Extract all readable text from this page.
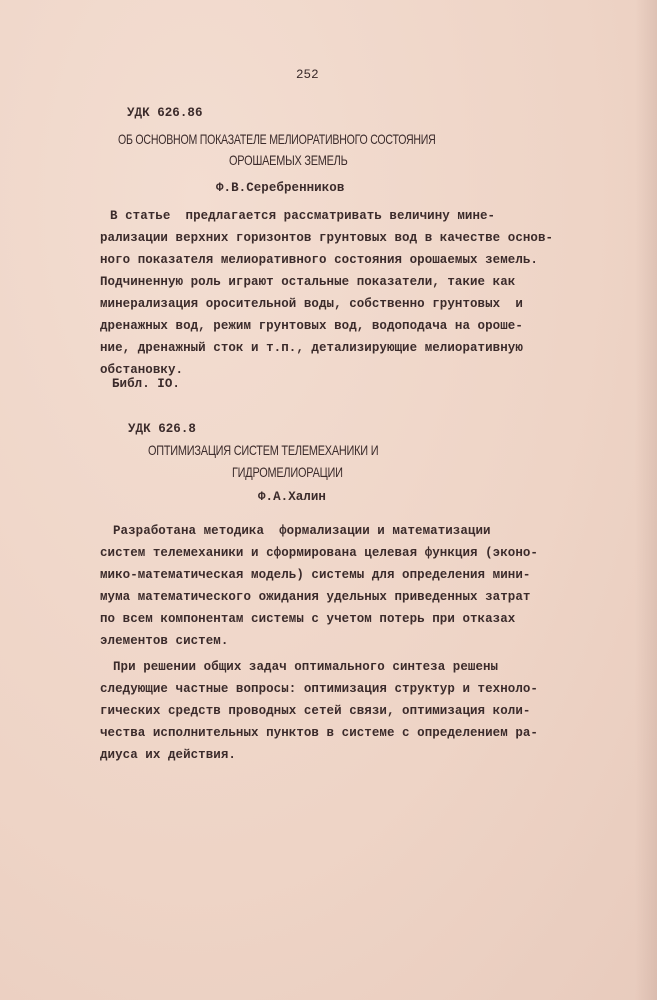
252
УДК 626.86
ОБ ОСНОВНОМ ПОКАЗАТЕЛЕ МЕЛИОРАТИВНОГО СОСТОЯНИЯ
ОРОШАЕМЫХ ЗЕМЕЛЬ
Ф.В.Серебренников
В статье  предлагается рассматривать величину мине-
рализации верхних горизонтов грунтовых вод в качестве основ-
ного показателя мелиоративного состояния орошаемых земель.
Подчиненную роль играют остальные показатели, такие как
минерализация оросительной воды, собственно грунтовых  и
дренажных вод, режим грунтовых вод, водоподача на ороше-
ние, дренажный сток и т.п., детализирующие мелиоративную
обстановку.
Библ. IO.
УДК 626.8
ОПТИМИЗАЦИЯ СИСТЕМ ТЕЛЕМЕХАНИКИ И
ГИДРОМЕЛИОРАЦИИ
Ф.А.Халин
Разработана методика  формализации и математизации
систем телемеханики и сформирована целевая функция (эконо-
мико-математическая модель) системы для определения мини-
мума математического ожидания удельных приведенных затрат
по всем компонентам системы с учетом потерь при отказах
элементов систем.
При решении общих задач оптимального синтеза решены
следующие частные вопросы: оптимизация структур и техноло-
гических средств проводных сетей связи, оптимизация коли-
чества исполнительных пунктов в системе с определением ра-
диуса их действия.
